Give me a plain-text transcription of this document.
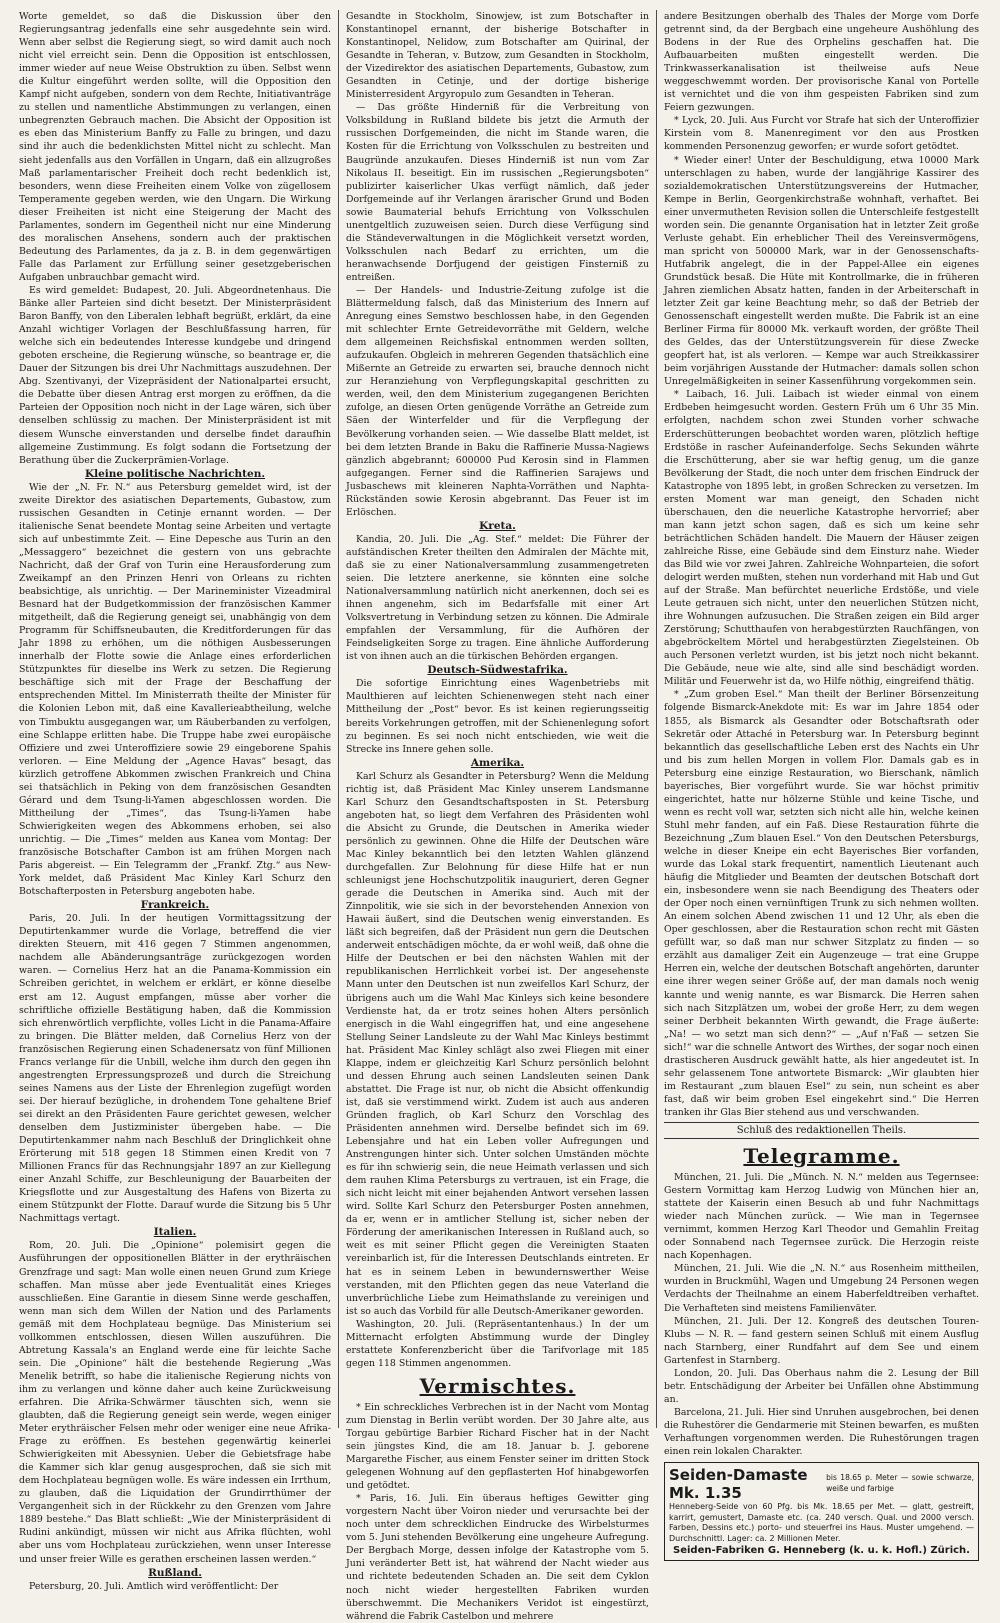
Worte gemeldet, so daß die Diskussion über den Regierungsantrag jedenfalls eine sehr ausgedehnte sein wird. Wenn aber selbst die Regierung siegt, so wird damit auch noch nicht viel erreicht sein. Denn die Opposition ist entschlossen, immer wieder auf neue Weise Obstruktion zu üben. Selbst wenn die Kultur eingeführt werden sollte, will die Opposition den Kampf nicht aufgeben, sondern von dem Rechte, Initiativanträge zu stellen und namentliche Abstimmungen zu verlangen, einen unbegrenzten Gebrauch machen. Die Absicht der Opposition ist es eben das Ministerium Banffy zu Falle zu bringen, und dazu sind ihr auch die bedenklichsten Mittel nicht zu schlecht. Man sieht jedenfalls aus den Vorfällen in Ungarn, daß ein allzugroßes Maß parlamentarischer Freiheit doch recht bedenklich ist, besonders, wenn diese Freiheiten einem Volke von zügellosem Temperamente gegeben werden, wie den Ungarn. Die Wirkung dieser Freiheiten ist nicht eine Steigerung der Macht des Parlamentes, sondern im Gegentheil nicht nur eine Minderung des moralischen Ansehens, sondern auch der praktischen Bedeutung des Parlamentes, da ja z. B. in dem gegenwärtigen Falle das Parlament zur Erfüllung seiner gesetzgeberischen Aufgaben unbrauchbar gemacht wird.

Es wird gemeldet: Budapest, 20. Juli. Abgeordnetenhaus. Die Bänke aller Parteien sind dicht besetzt. Der Ministerpräsident Baron Banffy, von den Liberalen lebhaft begrüßt, erklärt, da eine Anzahl wichtiger Vorlagen der Beschlußfassung harren, für welche sich ein bedeutendes Interesse kundgebe und dringend geboten erscheine, die Regierung wünsche, so beantrage er, die Dauer der Sitzungen bis drei Uhr Nachmittags auszudehnen. Der Abg. Szentivanyi, der Vizepräsident der Nationalpartei ersucht, die Debatte über diesen Antrag erst morgen zu eröffnen, da die Parteien der Opposition noch nicht in der Lage wären, sich über denselben schlüssig zu machen. Der Ministerpräsident ist mit diesem Wunsche einverstanden und derselbe findet daraufhin allgemeine Zustimmung. Es folgt sodann die Fortsetzung der Berathung über die Zuckerprämien-Vorlage.

Kleine politische Nachrichten.

Wie der „N. Fr. N.“ aus Petersburg gemeldet wird, ist der zweite Direktor des asiatischen Departements, Gubastow, zum russischen Gesandten in Cetinje ernannt worden. — Der italienische Senat beendete Montag seine Arbeiten und vertagte sich auf unbestimmte Zeit. — Eine Depesche aus Turin an den „Messaggero“ bezeichnet die gestern von uns gebrachte Nachricht, daß der Graf von Turin eine Herausforderung zum Zweikampf an den Prinzen Henri von Orleans zu richten beabsichtige, als unrichtig. — Der Marineminister Vizeadmiral Besnard hat der Budgetkommission der französischen Kammer mitgetheilt, daß die Regierung geneigt sei, unabhängig von dem Programm für Schiffsneubauten, die Kreditforderungen für das Jahr 1898 zu erhöhen, um die nöthigen Ausbesserungen innerhalb der Flotte sowie die Anlage eines erforderlichen Stützpunktes für dieselbe ins Werk zu setzen. Die Regierung beschäftige sich mit der Frage der Beschaffung der entsprechenden Mittel. Im Ministerrath theilte der Minister für die Kolonien Lebon mit, daß eine Kavallerieabtheilung, welche von Timbuktu ausgegangen war, um Räuberbanden zu verfolgen, eine Schlappe erlitten habe. Die Truppe habe zwei europäische Offiziere und zwei Unteroffiziere sowie 29 eingeborene Spahis verloren. — Eine Meldung der „Agence Havas“ besagt, das kürzlich getroffene Abkommen zwischen Frankreich und China sei thatsächlich in Peking von dem französischen Gesandten Gérard und dem Tsung-li-Yamen abgeschlossen worden. Die Mittheilung der „Times“, das Tsung-li-Yamen habe Schwierigkeiten wegen des Abkommens erhoben, sei also unrichtig. — Die „Times“ melden aus Kanea vom Montag: Der französische Botschafter Cambon ist am frühen Morgen nach Paris abgereist. — Ein Telegramm der „Frankf. Ztg.“ aus New-York meldet, daß Präsident Mac Kinley Karl Schurz den Botschafterposten in Petersburg angeboten habe.

Frankreich.

Paris, 20. Juli. In der heutigen Vormittagssitzung der Deputirtenkammer wurde die Vorlage, betreffend die vier direkten Steuern, mit 416 gegen 7 Stimmen angenommen, nachdem alle Abänderungsanträge zurückgezogen worden waren. — Cornelius Herz hat an die Panama-Kommission ein Schreiben gerichtet, in welchem er erklärt, er könne dieselbe erst am 12. August empfangen, müsse aber vorher die schriftliche offizielle Bestätigung haben, daß die Kommission sich ehrenwörtlich verpflichte, volles Licht in die Panama-Affaire zu bringen. Die Blätter melden, daß Cornelius Herz von der französischen Regierung einen Schadenersatz von fünf Millionen Francs verlange für die Unbill, welche ihm durch den gegen ihn angestrengten Erpressungsprozeß und durch die Streichung seines Namens aus der Liste der Ehrenlegion zugefügt worden sei. Der hierauf bezügliche, in drohendem Tone gehaltene Brief sei direkt an den Präsidenten Faure gerichtet gewesen, welcher denselben dem Justizminister übergeben habe. — Die Deputirtenkammer nahm nach Beschluß der Dringlichkeit ohne Erörterung mit 518 gegen 18 Stimmen einen Kredit von 7 Millionen Francs für das Rechnungsjahr 1897 an zur Kiellegung einer Anzahl Schiffe, zur Beschleunigung der Bauarbeiten der Kriegsflotte und zur Ausgestaltung des Hafens von Bizerta zu einem Stützpunkt der Flotte. Darauf wurde die Sitzung bis 5 Uhr Nachmittags vertagt.

Italien.

Rom, 20. Juli. Die „Opinione“ polemisirt gegen die Ausführungen der oppositionellen Blätter in der erythräischen Grenzfrage und sagt: Man wolle einen neuen Grund zum Kriege schaffen. Man müsse aber jede Eventualität eines Krieges ausschließen. Eine Garantie in diesem Sinne werde geschaffen, wenn man sich dem Willen der Nation und des Parlaments gemäß mit dem Hochplateau begnüge. Das Ministerium sei vollkommen entschlossen, diesen Willen auszuführen. Die Abtretung Kassala's an England werde eine für leichte Sache sein. Die „Opinione“ hält die bestehende Regierung „Was Menelik betrifft, so habe die italienische Regierung nichts von ihm zu verlangen und könne daher auch keine Zurückweisung erfahren. Die Afrika-Schwärmer täuschten sich, wenn sie glaubten, daß die Regierung geneigt sein werde, wegen einiger Meter erythräischer Felsen mehr oder weniger eine neue Afrika-Frage zu eröffnen. Es bestehen gegenwärtig keinerlei Schwierigkeiten mit Abessynien. Ueber die Gebietsfrage habe die Kammer sich klar genug ausgesprochen, daß sie sich mit dem Hochplateau begnügen wolle. Es wäre indessen ein Irrthum, zu glauben, daß die Liquidation der Grundirrthümer der Vergangenheit sich in der Rückkehr zu den Grenzen vom Jahre 1889 bestehe.“ Das Blatt schließt: „Wie der Ministerpräsident di Rudini ankündigt, müssen wir nicht aus Afrika flüchten, wohl aber uns vom Hochplateau zurückziehen, wenn unser Interesse und unser freier Wille es gerathen erscheinen lassen werden.“

Rußland.

Petersburg, 20. Juli. Amtlich wird veröffentlicht: Der

Gesandte in Stockholm, Sinowjew, ist zum Botschafter in Konstantinopel ernannt, der bisherige Botschafter in Konstantinopel, Nelidow, zum Botschafter am Quirinal, der Gesandte in Teheran, v. Butzow, zum Gesandten in Stockholm, der Vizedirektor des asiatischen Departements, Gubastow, zum Gesandten in Cetinje, und der dortige bisherige Ministerresident Argyropulo zum Gesandten in Teheran.

— Das größte Hinderniß für die Verbreitung von Volksbildung in Rußland bildete bis jetzt die Armuth der russischen Dorfgemeinden, die nicht im Stande waren, die Kosten für die Errichtung von Volksschulen zu bestreiten und Baugründe anzukaufen. Dieses Hinderniß ist nun vom Zar Nikolaus II. beseitigt. Ein im russischen „Regierungsboten“ publizirter kaiserlicher Ukas verfügt nämlich, daß jeder Dorfgemeinde auf ihr Verlangen ärarischer Grund und Boden sowie Baumaterial behufs Errichtung von Volksschulen unentgeltlich zuzuweisen seien. Durch diese Verfügung sind die Ständeverwaltungen in die Möglichkeit versetzt worden, Volksschulen nach Bedarf zu errichten, um die heranwachsende Dorfjugend der geistigen Finsterniß zu entreißen.

— Der Handels- und Industrie-Zeitung zufolge ist die Blättermeldung falsch, daß das Ministerium des Innern auf Anregung eines Semstwo beschlossen habe, in den Gegenden mit schlechter Ernte Getreidevorräthe mit Geldern, welche dem allgemeinen Reichsfiskal entnommen werden sollten, aufzukaufen. Obgleich in mehreren Gegenden thatsächlich eine Mißernte an Getreide zu erwarten sei, brauche dennoch nicht zur Heranziehung von Verpflegungskapital geschritten zu werden, weil, den dem Ministerium zugegangenen Berichten zufolge, an diesen Orten genügende Vorräthe an Getreide zum Säen der Winterfelder und für die Verpflegung der Bevölkerung vorhanden seien. — Wie dasselbe Blatt meldet, ist bei dem letzten Brande in Baku die Raffinerie Mussa-Nagiews gänzlich abgebrannt; 600000 Pud Kerosin sind in Flammen aufgegangen. Ferner sind die Raffinerien Sarajews und Jusbaschews mit kleineren Naphta-Vorräthen und Naphta-Rückständen sowie Kerosin abgebrannt. Das Feuer ist im Erlöschen.

Kreta.

Kandia, 20. Juli. Die „Ag. Stef.“ meldet: Die Führer der aufständischen Kreter theilten den Admiralen der Mächte mit, daß sie zu einer Nationalversammlung zusammengetreten seien. Die letztere anerkenne, sie könnten eine solche Nationalversammlung natürlich nicht anerkennen, doch sei es ihnen angenehm, sich im Bedarfsfalle mit einer Art Volksvertretung in Verbindung setzen zu können. Die Admirale empfahlen der Versammlung, für die Aufhören der Feindseligkeiten Sorge zu tragen. Eine ähnliche Aufforderung ist von ihnen auch an die türkischen Behörden ergangen.

Deutsch-Südwestafrika.

Die sofortige Einrichtung eines Wagenbetriebs mit Maulthieren auf leichten Schienenwegen steht nach einer Mittheilung der „Post“ bevor. Es ist keinen regierungsseitig bereits Vorkehrungen getroffen, mit der Schienenlegung sofort zu beginnen. Es sei noch nicht entschieden, wie weit die Strecke ins Innere gehen solle.

Amerika.

Karl Schurz als Gesandter in Petersburg? Wenn die Meldung richtig ist, daß Präsident Mac Kinley unserem Landsmanne Karl Schurz den Gesandtschaftsposten in St. Petersburg angeboten hat, so liegt dem Verfahren des Präsidenten wohl die Absicht zu Grunde, die Deutschen in Amerika wieder persönlich zu gewinnen. Ohne die Hilfe der Deutschen wäre Mac Kinley bekanntlich bei den letzten Wahlen glänzend durchgefallen. Zur Belohnung für diese Hilfe hat er nun schleunigst jene Hochschutzpolitik inauguriert, deren Gegner gerade die Deutschen in Amerika sind. Auch mit der Zinnpolitik, wie sie sich in der bevorstehenden Annexion von Hawaii äußert, sind die Deutschen wenig einverstanden. Es läßt sich begreifen, daß der Präsident nun gern die Deutschen anderweit entschädigen möchte, da er wohl weiß, daß ohne die Hilfe der Deutschen er bei den nächsten Wahlen mit der republikanischen Herrlichkeit vorbei ist. Der angesehenste Mann unter den Deutschen ist nun zweifellos Karl Schurz, der übrigens auch um die Wahl Mac Kinleys sich keine besondere Verdienste hat, da er trotz seines hohen Alters persönlich energisch in die Wahl eingegriffen hat, und eine angesehene Stellung Seiner Landsleute zu der Wahl Mac Kinleys bestimmt hat. Präsident Mac Kinley schlägt also zwei Fliegen mit einer Klappe, indem er gleichzeitig Karl Schurz persönlich belohnt und dessen Ehrung auch seinen Landsleuten seinen Dank abstattet. Die Frage ist nur, ob nicht die Absicht offenkundig ist, daß sie verstimmend wirkt. Zudem ist auch aus anderen Gründen fraglich, ob Karl Schurz den Vorschlag des Präsidenten annehmen wird. Derselbe befindet sich im 69. Lebensjahre und hat ein Leben voller Aufregungen und Anstrengungen hinter sich. Unter solchen Umständen möchte es für ihn schwierig sein, die neue Heimath verlassen und sich dem rauhen Klima Petersburgs zu vertrauen, ist ein Frage, die sich nicht leicht mit einer bejahenden Antwort versehen lassen wird. Sollte Karl Schurz den Petersburger Posten annehmen, da er, wenn er in amtlicher Stellung ist, sicher neben der Förderung der amerikanischen Interessen in Rußland auch, so weit es mit seiner Pflicht gegen die Vereinigten Staaten vereinbarlich ist, für die Interessen Deutschlands eintreten. Er hat es in seinem Leben in bewundernswerther Weise verstanden, mit den Pflichten gegen das neue Vaterland die unverbrüchliche Liebe zum Heimathslande zu vereinigen und ist so auch das Vorbild für alle Deutsch-Amerikaner geworden.

Washington, 20. Juli. (Repräsentantenhaus.) In der um Mitternacht erfolgten Abstimmung wurde der Dingley erstattete Konferenzbericht über die Tarifvorlage mit 185 gegen 118 Stimmen angenommen.

Vermischtes.

* Ein schreckliches Verbrechen ist in der Nacht vom Montag zum Dienstag in Berlin verübt worden. Der 30 Jahre alte, aus Torgau gebürtige Barbier Richard Fischer hat in der Nacht sein jüngstes Kind, die am 18. Januar b. J. geborene Margarethe Fischer, aus einem Fenster seiner im dritten Stock gelegenen Wohnung auf den gepflasterten Hof hinabgeworfen und getödtet.

* Paris, 16. Juli. Ein überaus heftiges Gewitter ging vorgestern Nacht über Voiron nieder und verursachte bei der noch unter dem schrecklichen Eindrucke des Wirbelsturmes vom 5. Juni stehenden Bevölkerung eine ungeheure Aufregung. Der Bergbach Morge, dessen infolge der Katastrophe vom 5. Juni veränderter Bett ist, hat während der Nacht wieder aus und richtete bedeutenden Schaden an. Die seit dem Cyklon noch nicht wieder hergestellten Fabriken wurden überschwemmt. Die Mechanikers Veridot ist eingestürzt, während die Fabrik Castelbon und mehrere

andere Besitzungen oberhalb des Thales der Morge vom Dorfe getrennt sind, da der Bergbach eine ungeheure Aushöhlung des Bodens in der Rue des Orphelins geschaffen hat. Die Aufbauarbeiten mußten eingestellt werden. Die Trinkwasserkanalisation ist theilweise aufs Neue weggeschwemmt worden. Der provisorische Kanal von Portelle ist vernichtet und die von ihm gespeisten Fabriken sind zum Feiern gezwungen.

* Lyck, 20. Juli. Aus Furcht vor Strafe hat sich der Unteroffizier Kirstein vom 8. Manenregiment vor den aus Prostken kommenden Personenzug geworfen; er wurde sofort getödtet.

* Wieder einer! Unter der Beschuldigung, etwa 10000 Mark unterschlagen zu haben, wurde der langjährige Kassirer des sozialdemokratischen Unterstützungsvereins der Hutmacher, Kempe in Berlin, Georgenkirchstraße wohnhaft, verhaftet. Bei einer unvermutheten Revision sollen die Unterschleife festgestellt worden sein. Die genannte Organisation hat in letzter Zeit große Verluste gehabt. Ein erheblicher Theil des Vereinsvermögens, man spricht von 500000 Mark, war in der Genossenschafts-Hutfabrik angelegt, die in der Pappel-Allee ein eigenes Grundstück besaß. Die Hüte mit Kontrollmarke, die in früheren Jahren ziemlichen Absatz hatten, fanden in der Arbeiterschaft in letzter Zeit gar keine Beachtung mehr, so daß der Betrieb der Genossenschaft eingestellt werden mußte. Die Fabrik ist an eine Berliner Firma für 80000 Mk. verkauft worden, der größte Theil des Geldes, das der Unterstützungsverein für diese Zwecke geopfert hat, ist als verloren. — Kempe war auch Streikkassirer beim vorjährigen Ausstande der Hutmacher: damals sollen schon Unregelmäßigkeiten in seiner Kassenführung vorgekommen sein.

* Laibach, 16. Juli. Laibach ist wieder einmal von einem Erdbeben heimgesucht worden. Gestern Früh um 6 Uhr 35 Min. erfolgten, nachdem schon zwei Stunden vorher schwache Erderschütterungen beobachtet worden waren, plötzlich heftige Erdstöße in rascher Aufeinanderfolge. Sechs Sekunden währte die Erschütterung, aber sie war heftig genug, um die ganze Bevölkerung der Stadt, die noch unter dem frischen Eindruck der Katastrophe von 1895 lebt, in großen Schrecken zu versetzen. Im ersten Moment war man geneigt, den Schaden nicht überschauen, den die neuerliche Katastrophe hervorrief; aber man kann jetzt schon sagen, daß es sich um keine sehr beträchtlichen Schäden handelt. Die Mauern der Häuser zeigen zahlreiche Risse, eine Gebäude sind dem Einsturz nahe. Wieder das Bild wie vor zwei Jahren. Zahlreiche Wohnparteien, die sofort delogirt werden mußten, stehen nun vorderhand mit Hab und Gut auf der Straße. Man befürchtet neuerliche Erdstöße, und viele Leute getrauen sich nicht, unter den neuerlichen Stützen nicht, ihre Wohnungen aufzusuchen. Die Straßen zeigen ein Bild arger Zerstörung; Schutthaufen von herabgestürzten Rauchfängen, von abgebröckeltem Mörtel und herabgestürzten Ziegelsteinen. Ob auch Personen verletzt wurden, ist bis jetzt noch nicht bekannt. Die Gebäude, neue wie alte, sind alle sind beschädigt worden. Militär und Feuerwehr ist da, wo Hilfe nöthig, eingreifend thätig.

* „Zum groben Esel.“ Man theilt der Berliner Börsenzeitung folgende Bismarck-Anekdote mit: Es war im Jahre 1854 oder 1855, als Bismarck als Gesandter oder Botschaftsrath oder Sekretär oder Attaché in Petersburg war. In Petersburg beginnt bekanntlich das gesellschaftliche Leben erst des Nachts ein Uhr und bis zum hellen Morgen in vollem Flor. Damals gab es in Petersburg eine einzige Restauration, wo Bierschank, nämlich bayerisches, Bier vorgeführt wurde. Sie war höchst primitiv eingerichtet, hatte nur hölzerne Stühle und keine Tische, und wenn es recht voll war, setzten sich nicht alle hin, welche keinen Stuhl mehr fanden, auf ein Faß. Diese Restauration führte die Bezeichnung „Zum blauen Esel.“ Von den Deutschen Petersburgs, welche in dieser Kneipe ein echt Bayerisches Bier vorfanden, wurde das Lokal stark frequentirt, namentlich Lieutenant auch häufig die Mitglieder und Beamten der deutschen Botschaft dort ein, insbesondere wenn sie nach Beendigung des Theaters oder der Oper noch einen vernünftigen Trunk zu sich nehmen wollten. An einem solchen Abend zwischen 11 und 12 Uhr, als eben die Oper geschlossen, aber die Restauration schon recht mit Gästen gefüllt war, so daß man nur schwer Sitzplatz zu finden — so erzählt aus damaliger Zeit ein Augenzeuge — trat eine Gruppe Herren ein, welche der deutschen Botschaft angehörten, darunter eine ihrer wegen seiner Größe auf, der man damals noch wenig kannte und wenig nannte, es war Bismarck. Die Herren sahen sich nach Sitzplätzen um, wobei der große Herr, zu dem wegen seiner Derbheit bekannten Wirth gewandt, die Frage äußerte: „Na! — wo setzt man sich denn?“ — „Auf n'Faß — setzen Sie sich!“ war die schnelle Antwort des Wirthes, der sogar noch einen drastischeren Ausdruck gewählt hatte, als hier angedeutet ist. In sehr gelassenem Tone antwortete Bismarck: „Wir glaubten hier im Restaurant „zum blauen Esel“ zu sein, nun scheint es aber fast, daß wir beim groben Esel eingekehrt sind.“ Die Herren tranken ihr Glas Bier stehend aus und verschwanden.

Schluß des redaktionellen Theils.
Telegramme.

München, 21. Juli. Die „Münch. N. N.“ melden aus Tegernsee: Gestern Vormittag kam Herzog Ludwig von München hier an, stattete der Kaiserin einen Besuch ab und fuhr Nachmittags wieder nach München zurück. — Wie man in Tegernsee vernimmt, kommen Herzog Karl Theodor und Gemahlin Freitag oder Sonnabend nach Tegernsee zurück. Die Herzogin reiste nach Kopenhagen.

München, 21. Juli. Wie die „N. N.“ aus Rosenheim mittheilen, wurden in Bruckmühl, Wagen und Umgebung 24 Personen wegen Verdachts der Theilnahme an einem Haberfeldtreiben verhaftet. Die Verhafteten sind meistens Familienväter.

München, 21. Juli. Der 12. Kongreß des deutschen Touren-Klubs — N. R. — fand gestern seinen Schluß mit einem Ausflug nach Starnberg, einer Rundfahrt auf dem See und einem Gartenfest in Starnberg.

London, 20. Juli. Das Oberhaus nahm die 2. Lesung der Bill betr. Entschädigung der Arbeiter bei Unfällen ohne Abstimmung an.

Barcelona, 21. Juli. Hier sind Unruhen ausgebrochen, bei denen die Ruhestörer die Gendarmerie mit Steinen bewarfen, es mußten Verhaftungen vorgenommen werden. Die Ruhestörungen tragen einen rein lokalen Charakter.

Seiden-Damaste Mk. 1.35
bis 18.65 p. Meter — sowie schwarze, weiße und farbige
Henneberg-Seide von 60 Pfg. bis Mk. 18.65 per Met. — glatt, gestreift, karrirt, gemustert, Damaste etc. (ca. 240 versch. Qual. und 2000 versch. Farben, Dessins etc.) porto- und steuerfrei ins Haus. Muster umgehend. — Durchschnittl. Lager: ca. 2 Millionen Meter.
Seiden-Fabriken G. Henneberg (k. u. k. Hofl.) Zürich.
